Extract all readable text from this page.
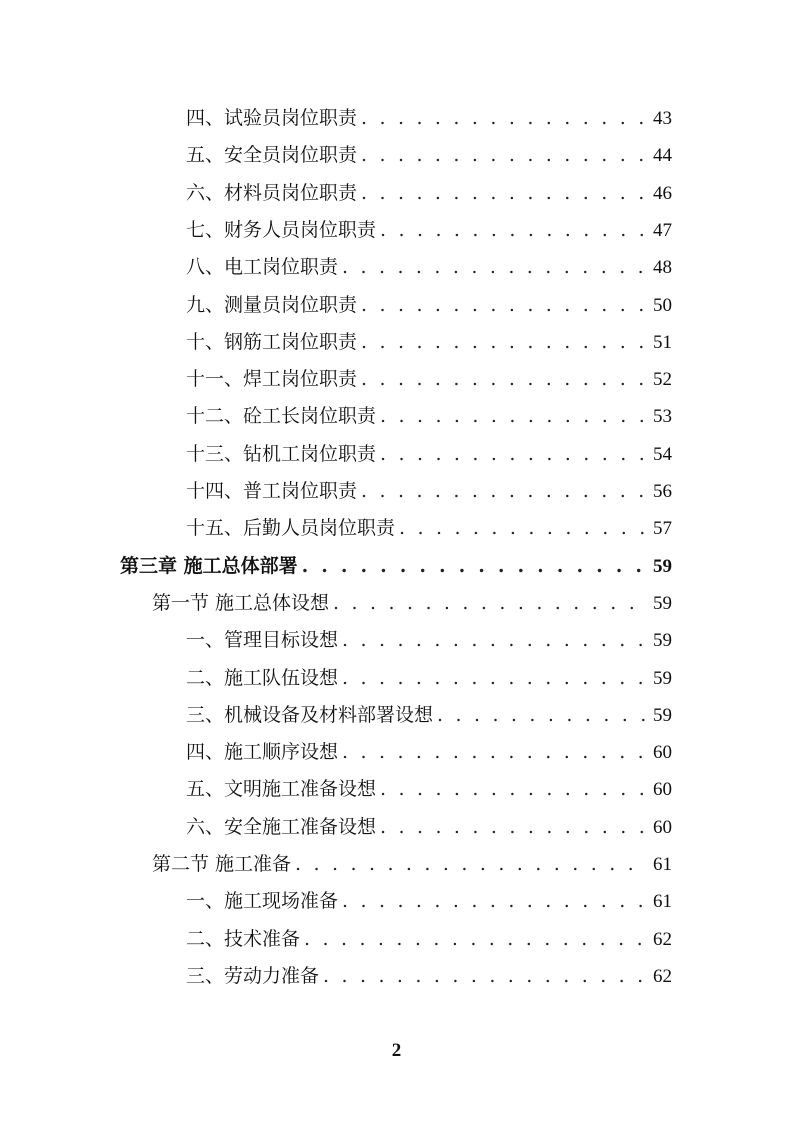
四、试验员岗位职责 . . .	43
五、安全员岗位职责 . . .	44
六、材料员岗位职责 . . .	46
七、财务人员岗位职责 . . .	47
八、电工岗位职责 . . .	48
九、测量员岗位职责 . . .	50
十、钢筋工岗位职责 . . .	51
十一、焊工岗位职责 . . .	52
十二、砼工长岗位职责 . . .	53
十三、钻机工岗位职责 . . .	54
十四、普工岗位职责 . . .	56
十五、后勤人员岗位职责 . . .	57
第三章 施工总体部署 . . .	59
第一节 施工总体设想 . . .	59
一、管理目标设想 . . .	59
二、施工队伍设想 . . .	59
三、机械设备及材料部署设想 . . .	59
四、施工顺序设想 . . .	60
五、文明施工准备设想 . . .	60
六、安全施工准备设想 . . .	60
第二节 施工准备 . . .	61
一、施工现场准备 . . .	61
二、技术准备 . . .	62
三、劳动力准备 . . .	62
2
